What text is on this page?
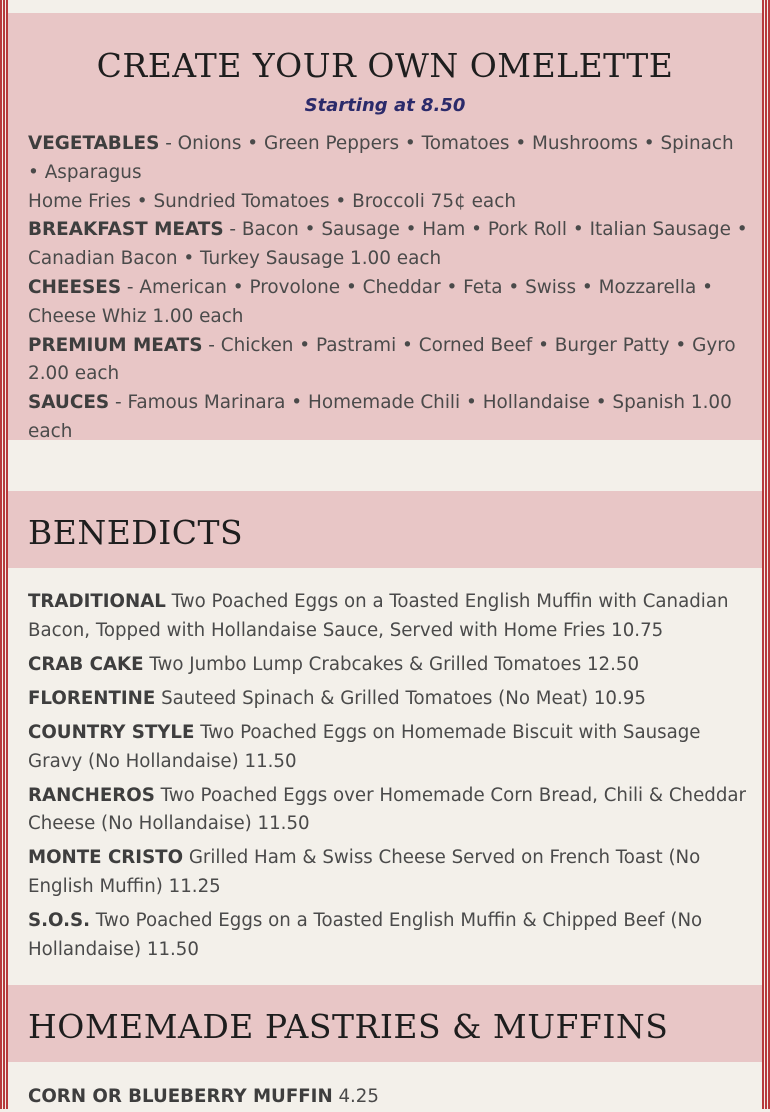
CREATE YOUR OWN OMELETTE
Starting at 8.50

VEGETABLES - Onions • Green Peppers • Tomatoes • Mushrooms • Spinach • Asparagus

Home Fries • Sundried Tomatoes • Broccoli 75¢ each

BREAKFAST MEATS - Bacon • Sausage • Ham • Pork Roll • Italian Sausage • Canadian Bacon • Turkey Sausage 1.00 each

CHEESES - American • Provolone • Cheddar • Feta • Swiss • Mozzarella • Cheese Whiz 1.00 each

PREMIUM MEATS - Chicken • Pastrami • Corned Beef • Burger Patty • Gyro 2.00 each

SAUCES - Famous Marinara • Homemade Chili • Hollandaise • Spanish 1.00 each

BENEDICTS

TRADITIONAL Two Poached Eggs on a Toasted English Muffin with Canadian Bacon, Topped with Hollandaise Sauce, Served with Home Fries 10.75

CRAB CAKE Two Jumbo Lump Crabcakes & Grilled Tomatoes 12.50

FLORENTINE Sauteed Spinach & Grilled Tomatoes (No Meat) 10.95

COUNTRY STYLE Two Poached Eggs on Homemade Biscuit with Sausage Gravy (No Hollandaise) 11.50

RANCHEROS Two Poached Eggs over Homemade Corn Bread, Chili & Cheddar Cheese (No Hollandaise) 11.50

MONTE CRISTO Grilled Ham & Swiss Cheese Served on French Toast (No English Muffin) 11.25

S.O.S. Two Poached Eggs on a Toasted English Muffin & Chipped Beef (No Hollandaise) 11.50

HOMEMADE PASTRIES & MUFFINS

CORN OR BLUEBERRY MUFFIN 4.25
